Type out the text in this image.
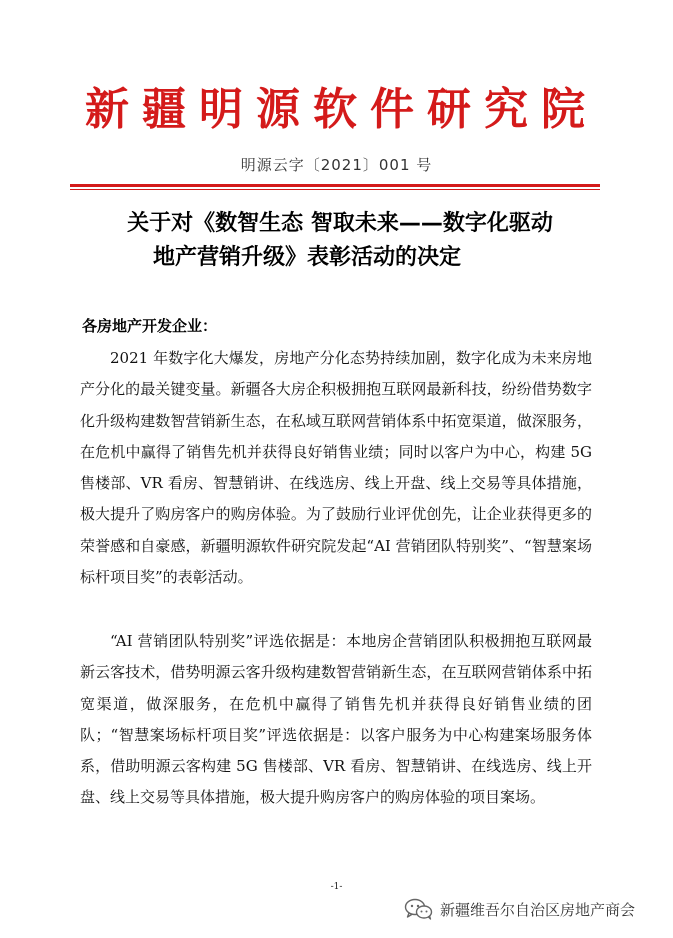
新疆明源软件研究院
明源云字〔2021〕001 号
关于对《数智生态 智取未来——数字化驱动
地产营销升级》表彰活动的决定
各房地产开发企业：

2021 年数字化大爆发，房地产分化态势持续加剧，数字化成为未来房地产分化的最关键变量。新疆各大房企积极拥抱互联网最新科技，纷纷借势数字化升级构建数智营销新生态，在私域互联网营销体系中拓宽渠道，做深服务，在危机中赢得了销售先机并获得良好销售业绩；同时以客户为中心，构建 5G 售楼部、VR 看房、智慧销讲、在线选房、线上开盘、线上交易等具体措施，极大提升了购房客户的购房体验。为了鼓励行业评优创先，让企业获得更多的荣誉感和自豪感，新疆明源软件研究院发起“AI 营销团队特别奖”、“智慧案场标杆项目奖”的表彰活动。

“AI 营销团队特别奖”评选依据是：本地房企营销团队积极拥抱互联网最新云客技术，借势明源云客升级构建数智营销新生态，在互联网营销体系中拓宽渠道，做深服务，在危机中赢得了销售先机并获得良好销售业绩的团队；“智慧案场标杆项目奖”评选依据是：以客户服务为中心构建案场服务体系，借助明源云客构建 5G 售楼部、VR 看房、智慧销讲、在线选房、线上开盘、线上交易等具体措施，极大提升购房客户的购房体验的项目案场。

-1-
新疆维吾尔自治区房地产商会
